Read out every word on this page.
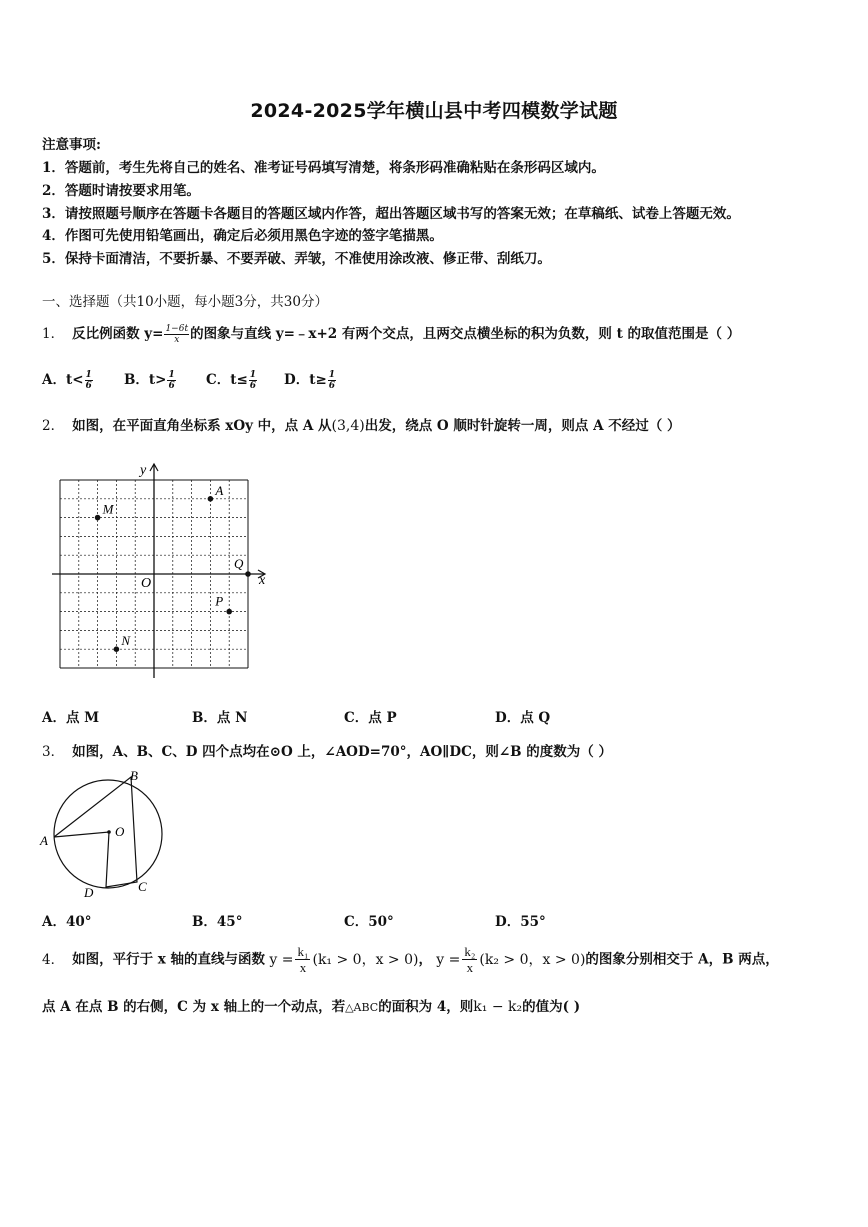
2024-2025学年横山县中考四模数学试题
注意事项:
1．答题前，考生先将自己的姓名、准考证号码填写清楚，将条形码准确粘贴在条形码区域内。
2．答题时请按要求用笔。
3．请按照题号顺序在答题卡各题目的答题区域内作答，超出答题区域书写的答案无效；在草稿纸、试卷上答题无效。
4．作图可先使用铅笔画出，确定后必须用黑色字迹的签字笔描黑。
5．保持卡面清洁，不要折暴、不要弄破、弄皱，不准使用涂改液、修正带、刮纸刀。
一、选择题（共10小题，每小题3分，共30分）
1． 反比例函数 $y= \frac{1-6t}{x}$ 的图象与直线 y=﹣x+2 有两个交点，且两交点横坐标的积为负数，则 t 的取值范围是（ ）
A．$t< \frac{1}{6}$ B．$t> \frac{1}{6}$ C．$t\le \frac{1}{6}$ D．$t\ge \frac{1}{6}$
2． 如图，在平面直角坐标系 xOy 中，点 A 从(3,4)出发，绕点 O 顺时针旋转一周，则点 A 不经过（ ）
A
M
Q
P
N
x
y
O
A．点 M	B．点 N	C．点 P	D．点 Q
3． 如图，A、B、C、D 四个点均在⊙O 上，∠AOD=70°，AO∥DC，则∠B 的度数为（ ）
A
B
C
D
O
A．40°	B．45°	C．50°	D．55°
4． 如图，平行于 x 轴的直线与函数 $y = \frac{\text{k₁}}{x} (k_1 > 0$，x > 0)， $y = \frac{\text{k₂}}{x} (k_2 > 0$，x > 0)的图象分别相交于 A，B 两点，
点 A 在点 B 的右侧，C 为 x 轴上的一个动点，若△ABC的面积为 4，则k₁ − k₂的值为( )
